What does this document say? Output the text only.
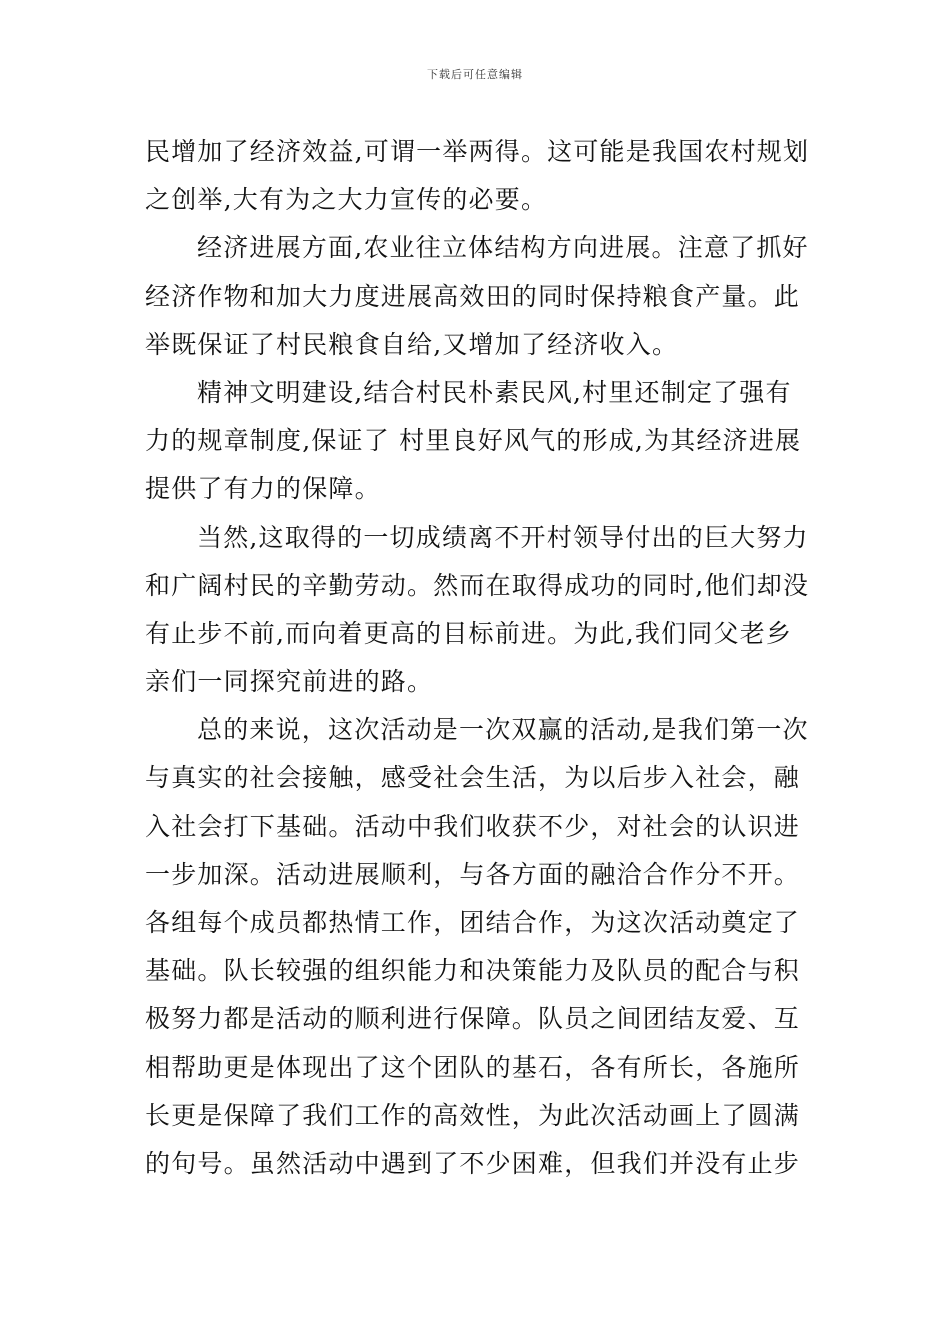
下载后可任意编辑
民增加了经济效益,可谓一举两得。这可能是我国农村规划
之创举,大有为之大力宣传的必要。
经济进展方面,农业往立体结构方向进展。注意了抓好
经济作物和加大力度进展高效田的同时保持粮食产量。此
举既保证了村民粮食自给,又增加了经济收入。
精神文明建设,结合村民朴素民风,村里还制定了强有
力的规章制度,保证了 村里良好风气的形成,为其经济进展
提供了有力的保障。
当然,这取得的一切成绩离不开村领导付出的巨大努力
和广阔村民的辛勤劳动。然而在取得成功的同时,他们却没
有止步不前,而向着更高的目标前进。为此,我们同父老乡
亲们一同探究前进的路。
总的来说，这次活动是一次双赢的活动,是我们第一次
与真实的社会接触，感受社会生活，为以后步入社会，融
入社会打下基础。活动中我们收获不少，对社会的认识进
一步加深。活动进展顺利，与各方面的融洽合作分不开。
各组每个成员都热情工作，团结合作，为这次活动奠定了
基础。队长较强的组织能力和决策能力及队员的配合与积
极努力都是活动的顺利进行保障。队员之间团结友爱、互
相帮助更是体现出了这个团队的基石，各有所长，各施所
长更是保障了我们工作的高效性，为此次活动画上了圆满
的句号。虽然活动中遇到了不少困难，但我们并没有止步
